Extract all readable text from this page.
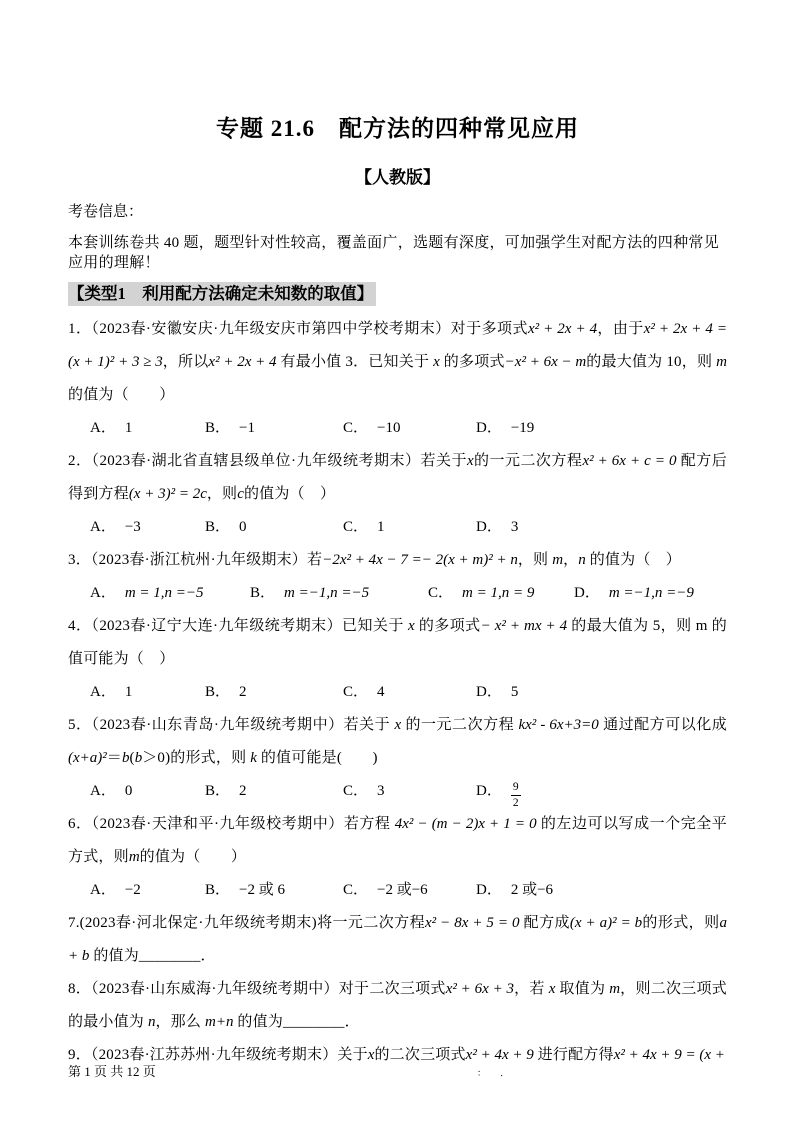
专题 21.6　配方法的四种常见应用
【人教版】
考卷信息：
本套训练卷共 40 题，题型针对性较高，覆盖面广，选题有深度，可加强学生对配方法的四种常见应用的理解！
【类型1　利用配方法确定未知数的取值】

1．（2023春·安徽安庆·九年级安庆市第四中学校考期末）对于多项式x² + 2x + 4，由于x² + 2x + 4 = (x + 1)² + 3 ≥ 3，所以x² + 2x + 4 有最小值 3．已知关于 x 的多项式−x² + 6x − m的最大值为 10，则 m 的值为（　　）

A． 1	B． −1	C． −10	D． −19

2．（2023春·湖北省直辖县级单位·九年级统考期末）若关于x的一元二次方程x² + 6x + c = 0 配方后得到方程(x + 3)² = 2c，则c的值为（　）

A． −3	B． 0	C． 1	D． 3

3．（2023春·浙江杭州·九年级期末）若−2x² + 4x − 7 =− 2(x + m)² + n，则 m，n 的值为（　）

A． m = 1,n =−5	B． m =−1,n =−5	C． m = 1,n = 9	D． m =−1,n =−9

4．（2023春·辽宁大连·九年级统考期末）已知关于 x 的多项式− x² + mx + 4 的最大值为 5，则 m 的值可能为（　）

A． 1	B． 2	C． 4	D． 5

5．（2023春·山东青岛·九年级统考期中）若关于 x 的一元二次方程 kx² - 6x+3=0 通过配方可以化成(x+a)²＝b(b＞0)的形式，则 k 的值可能是(　　)

A． 0	B． 2	C． 3	D． $\frac{9}{2}$

6．（2023春·天津和平·九年级校考期中）若方程 4x² − (m − 2)x + 1 = 0 的左边可以写成一个完全平方式，则m的值为（　　）

A． −2	B． −2 或 6	C． −2 或−6	D． 2 或−6

7.(2023春·河北保定·九年级统考期末)将一元二次方程x² − 8x + 5 = 0 配方成(x + a)² = b的形式，则a + b 的值为________．

8．（2023春·山东威海·九年级统考期中）对于二次三项式x² + 6x + 3，若 x 取值为 m，则二次三项式的最小值为 n，那么 m+n 的值为________．

9．（2023春·江苏苏州·九年级统考期末）关于x的二次三项式x² + 4x + 9 进行配方得x² + 4x + 9 = (x +

第 1 页 共 12 页	： ．
